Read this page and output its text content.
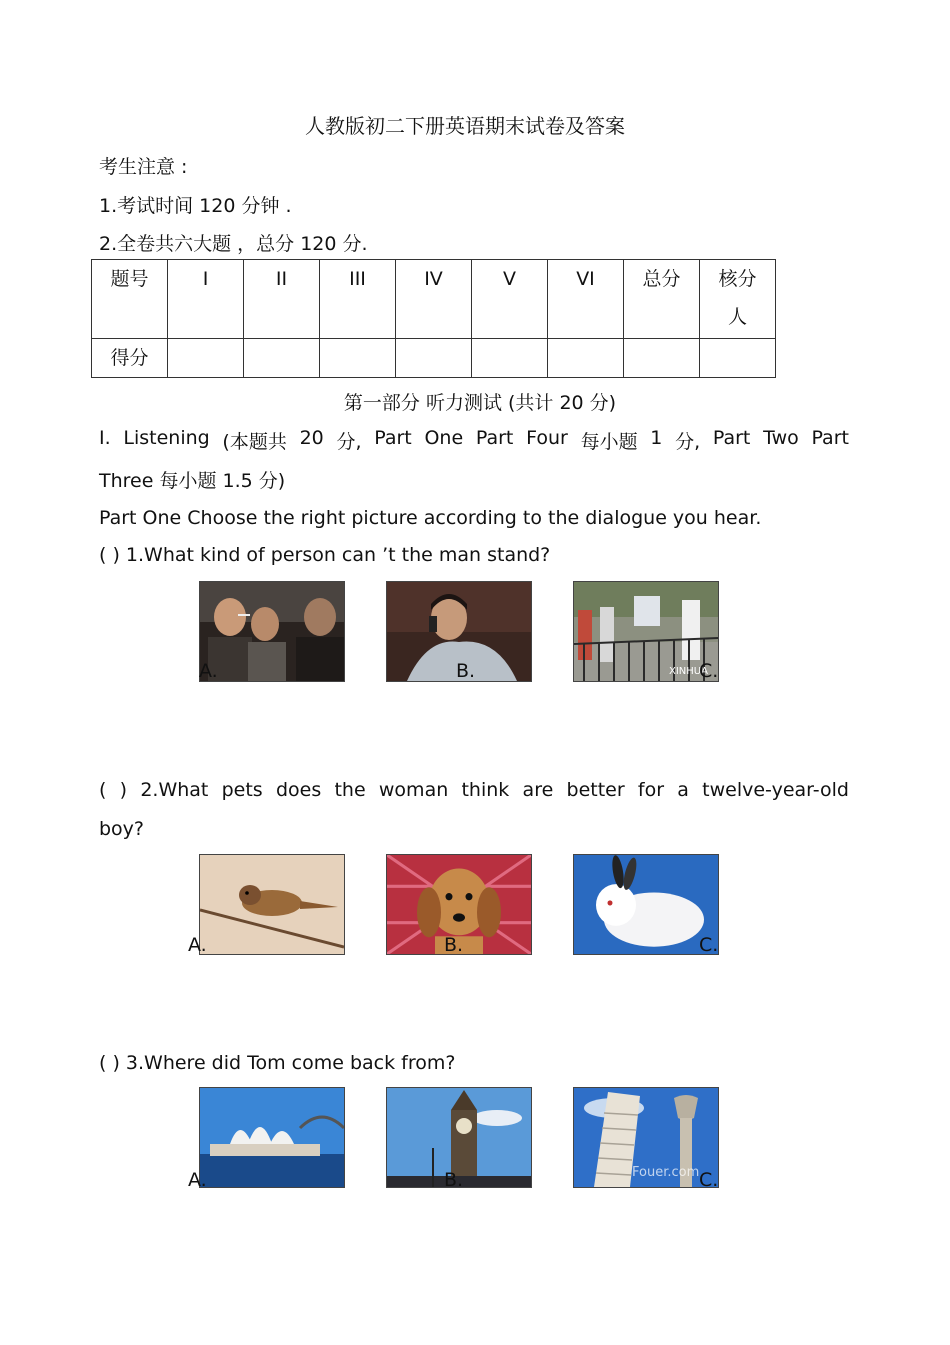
人教版初二下册英语期末试卷及答案
考生注意 :
1.考试时间 120 分钟 .
2.全卷共六大题 ，总分 120 分.
题号	I	II	III	IV	V	VI	总分	核分人
得分								
第一部分 听力测试 (共计 20 分)
I. Listening (本题共 20 分, Part One Part Four 每小题 1 分, Part Two Part
Three 每小题 1.5 分)
Part One Choose the right picture according to the dialogue you hear.
( ) 1.What kind of person can ’t the man stand?
A.	B.	XINHUA
C.
( ) 2.What pets does the woman think are better for a twelve-year-old
boy?
A.	B.	C.
( ) 3.Where did Tom come back from?
A.	B.	Fouer.com C.
